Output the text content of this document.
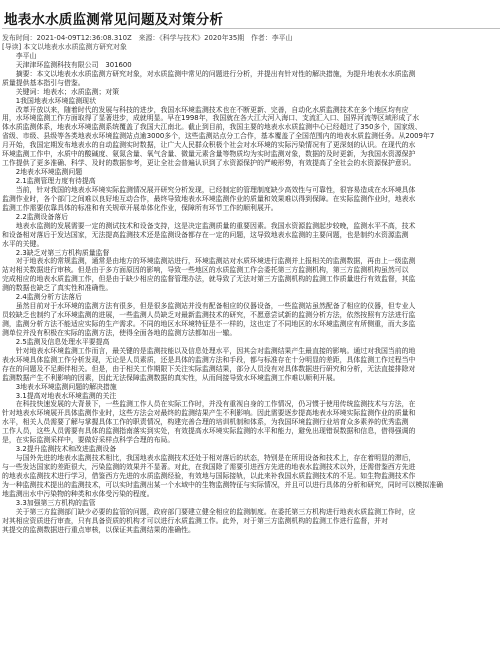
地表水水质监测常见问题及对策分析
发布时间：2021-04-09T12:36:08.310Z　来源：《科学与技术》2020年35期　作者：李平山
[导读] 本文以地表水水质监测方研究对象
　　李平山
　　天津津环监测科技有限公司　301600
　　摘要：本文以地表水水质监测方研究对象，对水质监测中常见的问题进行分析，并提出有针对性的解决措施，为提升地表水水质监测
质量提供基本指引与借鉴。
　　关键词：地表水；水质监测；对策
　　1我国地表水环境监测现状
　　改革开放以来，随着时代的发展与科技的进步，我国水环境监测技术也在不断更新、完善，自动化水质监测技术在多个地区均有应
用，水环境监测工作方面取得了显著进步，成就明显。早在1998年，我国就在各大江大河入海口、支流汇入口、国界河流等区域形成了水
体水质监测体系，地表水环境监测系统覆盖了我国大江南北。截止到目前，我国主要的地表水水质监测中心已经超过了350多个，国家级、
省级、市级、县级等各类地表水环境监测站点逾3000多个，这些监测站点分工合作，基本覆盖了全国范围内的地表水质监测任务。从2009年7
月开始，我国定期发布地表水的自动监测实时数据，让广大人民群众积极个社会对水环境的实际污染情况有了更深刻的认识。在现代的水
环境监测工作中，水质中的酸碱度、氨氮含量、氧气含量、微量元素含量等物质均为实时监测对象，数据的及时更新，为我国水资源保护
工作提供了更多准确、科学、及时的数据参考，更让全社会普遍认识到了水资源保护的严峻形势，有效提高了全社会的水资源保护意识。
　　2地表水环境监测问题
　　2.1监测管理力度有待提高
　　当前，针对我国的地表水环境实际监测情况展开研究分析发现，已经制定的管理制度缺少高效性与可靠性，很容易造成在水环境具体
监测作业时，各个部门之间难以良好地互动合作，最终导致地表水环境监测作业的质量和效果难以得到保障。在实际监测作业时，地表水
监测工作需要依靠具体的标准和有关规章开展单体化作业，保障所有环节工作的顺利展开。
　　2.2监测设备落后
　　地表水监测的发展需要一定的测试技术和设备支持，这是决定监测质量的重要因素。我国水资源监测起步较晚，监测水平不高，技术
和设备相对落后于发达国家，无法提高监测技术还是监测设备都存在一定的问题，这导致地表水监测的主要问题，也是制约水资源监测
水平的关键。
　　2.3缺乏对第三方机构质量监督
　　对于地表水的常规监测，通常是由地方的环境监测站进行，环境监测站对水质环境进行监测并上报相关的监测数据，再由上一级监测
站对相关数据进行审核。但是由于多方面原因的影响，导致一些地区的水质监测工作会委托第三方监测机构，第三方监测机构虽然可以
完成相应的地表水质监测工作，但是由于缺少相应的监督管理办法，就导致了无法对第三方监测机构的监测工作质量进行有效监督，其监
测的数据也缺乏了真实性和准确性。
　　2.4监测分析方法落后
　　虽然目前对于水环境的监测方法有很多，但是很多监测站并没有配备相应的仪器设备，一些监测站虽然配备了相应的仪器，但专业人
员较缺乏也制约了水环境监测的进展，一些监测人员缺乏对最新监测技术的研究，不愿意尝试新的监测分析方法，依然按照有方法进行监
测，监测分析方法不能适应实际的生产需求。不同的地区水环境特征是不一样的，这也定了不同地区的水环境监测应有所侧重，而大多监
测单位并没有积极在实际的监测方法，使得全面各地的监测方法都如出一辙。
　　2.5监测及信息处理水平要提高
　　针对地表水环境监测工作而言，最关键的是监测技能以及信息处理水平，因其会对监测结果产生最直接的影响。通过对我国当前的地
表水环境具体监测工作分析发现，无论是人员素质，还是具体的监测方法和手段，都与标准存在十分明显的差距，具体监测工作过程当中
存在的问题及不足颇伴相关。但是，由于相关工作期限下关注实际监测结果，部分人员没有对具体数据进行研究和分析，无法直接排除对
监测数据产生不利影响的因素，因此无法保障监测数据的真实性，从而间接导致水环境监测工作难以顺利开展。
　　3地表水环境监测问题的解决措施
　　3.1提高对地表水环境监测的关注
　　在科技快速发展的大背景下，一些监测工作人员在实际工作时，并没有重视自身的工作情况，仍习惯于使用传统监测技术与方法，在
针对地表水环境展开具体监测作业时，这些方法会对最终的监测结果产生不利影响。因此需要逐步提高地表水环境实际监测作业的质量和
水平，相关人员需要了解与掌握具体工作的职责情况，构建完善合理的培训机制和体系，为我国环境监测行业培育众多素养的优秀监测
工作人员，这些人员需要有具体的监测指南落实到实处，有效提高水环境实际监测的水平和能力，避免出现错误数据和信息，借得强调的
是，在实际监测采样中，要做好采样点科学合理的布局。
　　3.2提升监测技术和改进监测设备
　　与国外先进的地表水监测技术相比，我国地表水监测技术还处于相对落后的状态，特别是在所用设备和技术上，存在着明显的滞后，
与一些发达国家的差距很大，污染监测的效果并不显著。对此，在我国除了需要引进西方先进的地表水监测技术以外，还需借鉴西方先进
的地表水监测技术进行学习，借鉴西方先进的水质监测经验，有效地与国际接轨，以此来补我国水质监测技术的不足。如生物监测技术作
为一种监测技术提出的监测技术，可以实时监测出某一个水域中的生物监测特征与实际情况，并且可以进行具体的分析和研究，同时可以模拟准确
地监测出水中污染物的种类和水体受污染的程度。
　　3.3加强第三方机构的监管
　　关于第三方监测部门缺少必要的监管的问题，政府部门要建立健全相应的监测制度。在委托第三方机构进行地表水质监测工作时，应
对其相应资质进行审查，只有具备资质的机构才可以进行水质监测工作。此外，对于第三方监测机构的监测工作进行监督，并对
其提交的监测数据进行重点审核，以保证其监测结果的准确性。
